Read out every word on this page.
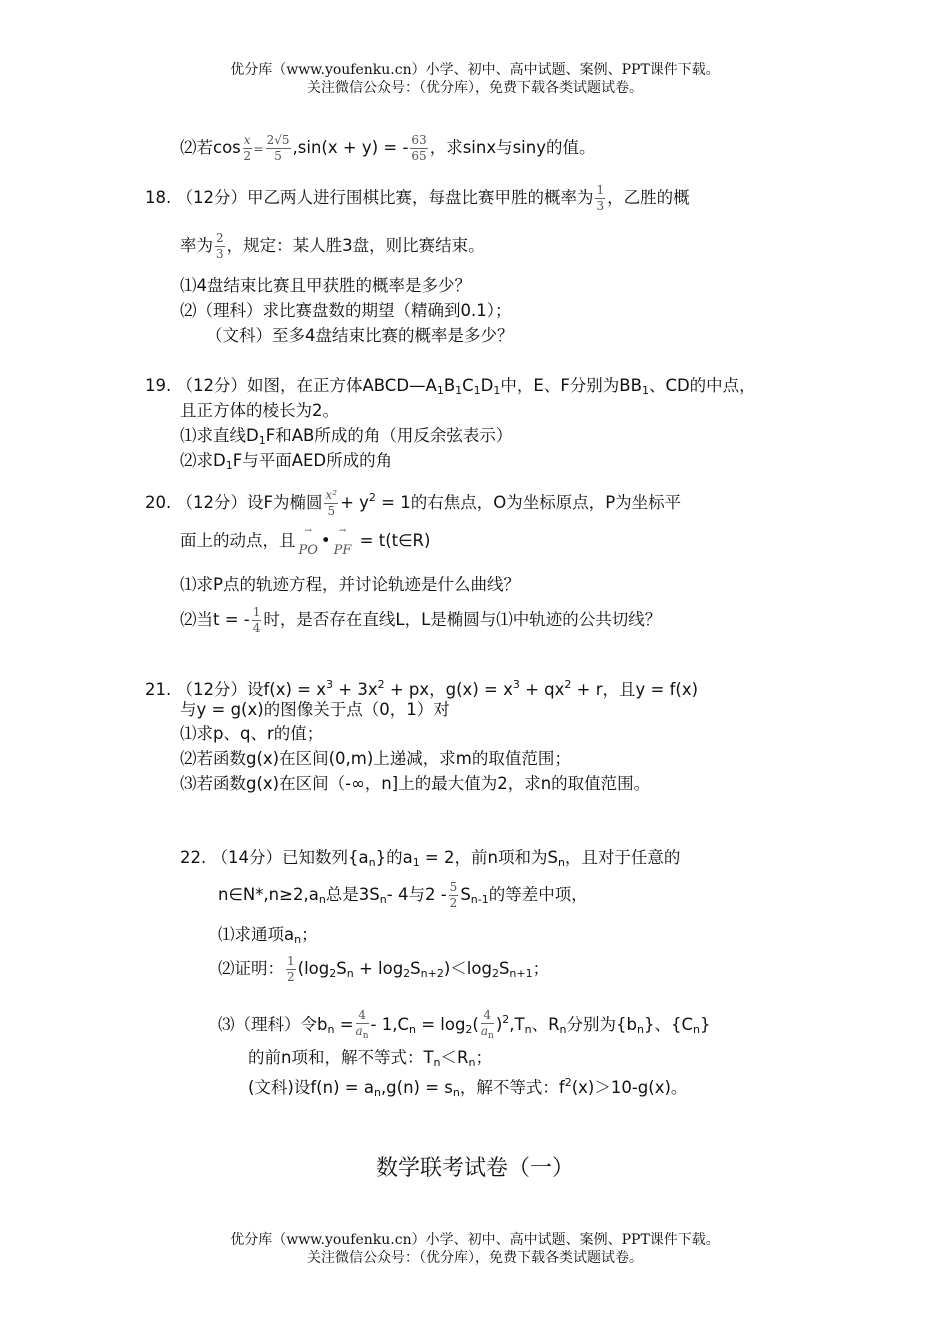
优分库（www.youfenku.cn）小学、初中、高中试题、案例、PPT课件下载。
关注微信公众号：（优分库），免费下载各类试题试卷。
⑵若$\cos \frac{x}{2} = \frac{2√5}{5} ,\sin(x + y)$ = - $\frac{63}{65}$ ，求sinx与siny的值。
18. （12分）甲乙两人进行围棋比赛，每盘比赛甲胜的概率为 $\frac{1}{3}$ ，乙胜的概
率为 $\frac{2}{3}$ ，规定：某人胜3盘，则比赛结束。
⑴4盘结束比赛且甲获胜的概率是多少？
⑵（理科）求比赛盘数的期望（精确到0.1）；
（文科）至多4盘结束比赛的概率是多少？
19. （12分）如图，在正方体$ABCD—A_1B_1C_1D_1$中，E、F分别为$BB_1$、CD的中点，
且正方体的棱长为2。
⑴求直线$D_1F$和AB所成的角（用反余弦表示）
⑵求$D_1F$与平面AED所成的角
20. （12分）设F为椭圆 $\frac{\text{x²}}{5} + y^2 = 1$的右焦点，O为坐标原点，P为坐标平
面上的动点，且
→
PO •
→
PF = t(t∈R)
⑴求P点的轨迹方程，并讨论轨迹是什么曲线？
⑵当t = - $\frac{1}{4}$ 时，是否存在直线L，L是椭圆与⑴中轨迹的公共切线？
21. （12分）设$f(x) = x^3 + 3x^2$ + px，$g(x) = x^3 + qx^2 + r$，且y = f(x)
与y = g(x)的图像关于点（0，1）对
⑴求p、q、r的值；
⑵若函数g(x)在区间(0,m)上递减，求m的取值范围；
⑶若函数g(x)在区间（-∞，n]上的最大值为2，求n的取值范围。
22. （14分）已知数列$\{a_n\}$的$a_1 = 2$，前n项和为$S_n$，且对于任意的
$n\in N*,n\ge 2,a_n$总是$3S_n-$ 4与$2 - \frac{5}{2} S_{n-1}$的等差中项，
⑴求通项$a_n$；
⑵证明： $\frac{1}{2} (\log_2S_n + \log_2S_{n+2})<\log_2S_{n+1}$；
⑶（理科）令$b_n = \frac{4}{a_n} - 1,C_n = \log_2( \frac{4}{a_n} )^2,T_n$、$R_n$分别为$\{b_n\}$、$\{C_n\}$
的前n项和，解不等式：$T_n<R_n$；
(文科)设$f(n) = a_n,g(n) = s_n$，解不等式：$f^2(x)>10-g(x)$。
数学联考试卷（一）
优分库（www.youfenku.cn）小学、初中、高中试题、案例、PPT课件下载。
关注微信公众号：（优分库），免费下载各类试题试卷。
